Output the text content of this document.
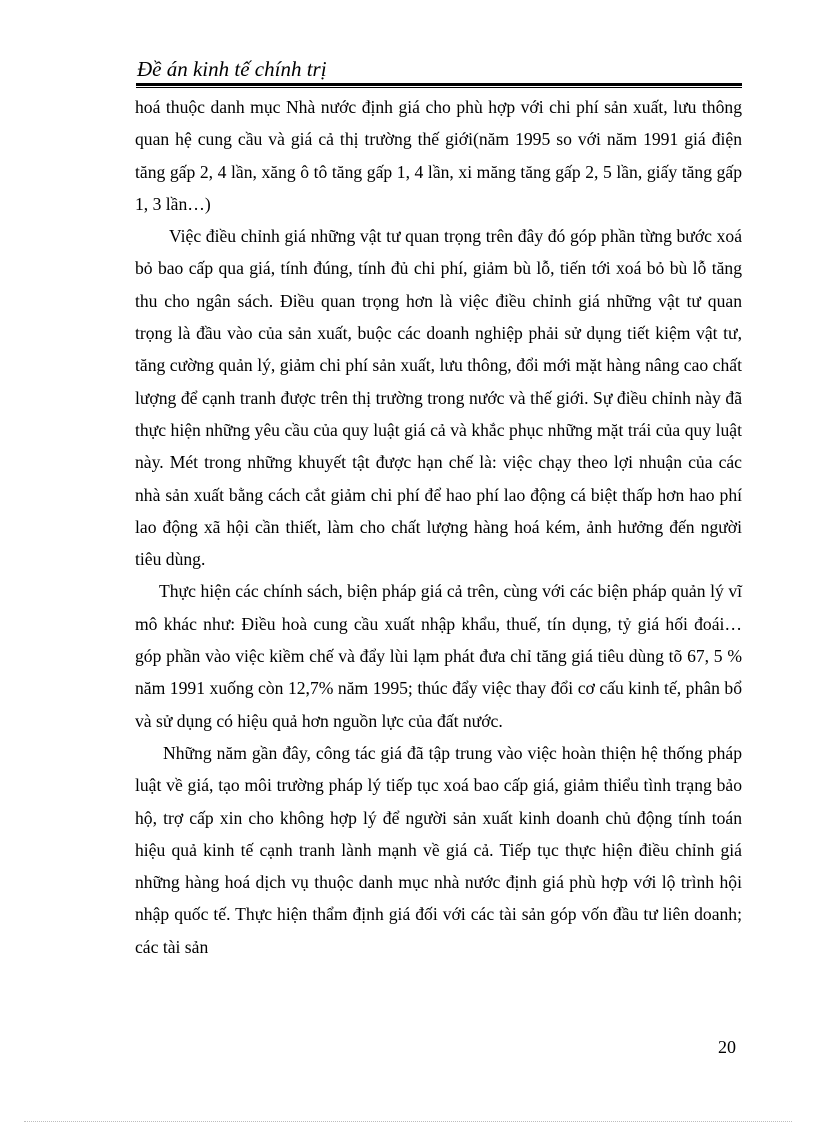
Đề án kinh tế chính trị

hoá thuộc danh mục Nhà nước định giá cho phù hợp với chi phí sản xuất, lưu thông quan hệ cung cầu và giá cả thị trường thế giới(năm 1995 so với năm 1991 giá điện tăng gấp 2, 4 lần, xăng ô tô tăng gấp 1, 4 lần, xi măng tăng gấp 2, 5 lần, giấy tăng gấp 1, 3 lần…)

Việc điều chỉnh giá những vật tư quan trọng trên đây đó góp phần từng bước xoá bỏ bao cấp qua giá, tính đúng, tính đủ chi phí, giảm bù lỗ, tiến tới xoá bỏ bù lỗ tăng thu cho ngân sách. Điều quan trọng hơn là việc điều chỉnh giá những vật tư quan trọng là đầu vào của sản xuất, buộc các doanh nghiệp phải sử dụng tiết kiệm vật tư, tăng cường quản lý, giảm chi phí sản xuất, lưu thông, đổi mới mặt hàng nâng cao chất lượng để cạnh tranh được trên thị trường trong nước và thế giới. Sự điều chỉnh này đã thực hiện những yêu cầu của quy luật giá cả và khắc phục những mặt trái của quy luật này. Mét trong những khuyết tật được hạn chế là: việc chạy theo lợi nhuận của các nhà sản xuất bằng cách cắt giảm chi phí để hao phí lao động cá biệt thấp hơn hao phí lao động xã hội cần thiết, làm cho chất lượng hàng hoá kém, ảnh hưởng đến người tiêu dùng.

Thực hiện các chính sách, biện pháp giá cả trên, cùng với các biện pháp quản lý vĩ mô khác như: Điều hoà cung cầu xuất nhập khẩu, thuế, tín dụng, tỷ giá hối đoái… góp phần vào việc kiềm chế và đẩy lùi lạm phát đưa chỉ tăng giá tiêu dùng tõ 67, 5 % năm 1991 xuống còn 12,7% năm 1995; thúc đẩy việc thay đổi cơ cấu kinh tế, phân bổ và sử dụng có hiệu quả hơn nguồn lực của đất nước.

Những năm gần đây, công tác giá đã tập trung vào việc hoàn thiện hệ thống pháp luật về giá, tạo môi trường pháp lý tiếp tục xoá bao cấp giá, giảm thiểu tình trạng bảo hộ, trợ cấp xin cho không hợp lý để người sản xuất kinh doanh chủ động tính toán hiệu quả kinh tế cạnh tranh lành mạnh về giá cả. Tiếp tục thực hiện điều chỉnh giá những hàng hoá dịch vụ thuộc danh mục nhà nước định giá phù hợp với lộ trình hội nhập quốc tế. Thực hiện thẩm định giá đối với các tài sản góp vốn đầu tư liên doanh; các tài sản

20
